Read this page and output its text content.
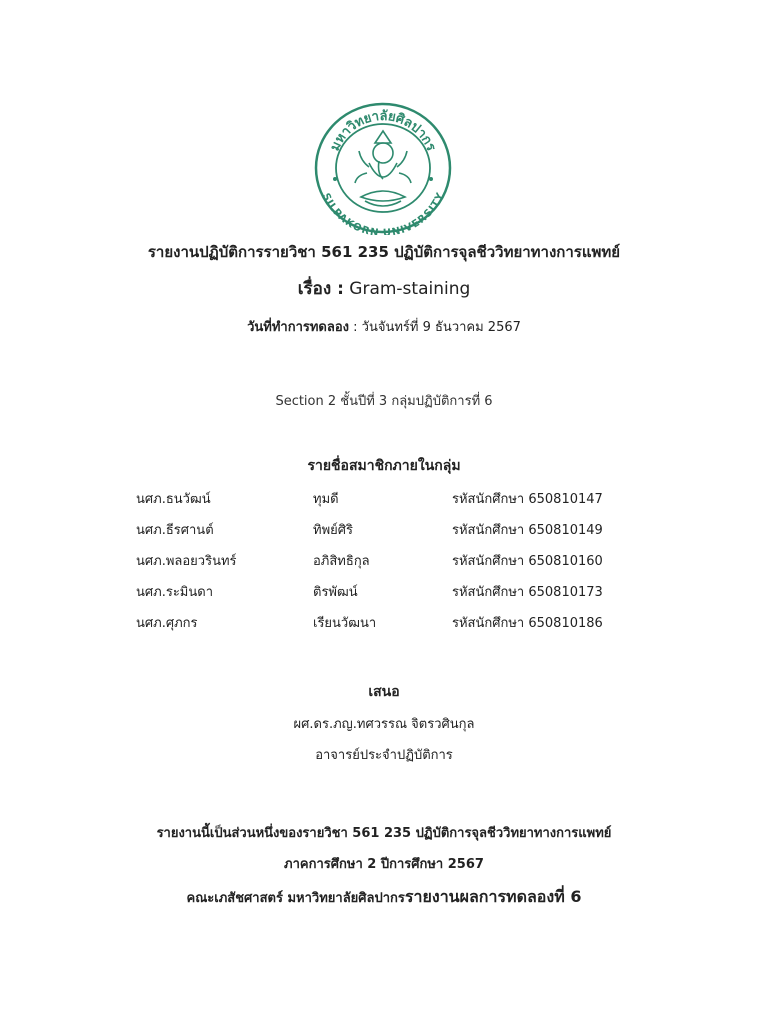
มหาวิทยาลัยศิลปากร
SILPAKORN UNIVERSITY
รายงานปฏิบัติการรายวิชา 561 235 ปฏิบัติการจุลชีววิทยาทางการแพทย์
เรื่อง : Gram-staining
วันที่ทำการทดลอง : วันจันทร์ที่ 9 ธันวาคม 2567
Section 2 ชั้นปีที่ 3 กลุ่มปฏิบัติการที่ 6
รายชื่อสมาชิกภายในกลุ่ม
นศภ.ธนวัฒน์	ทุมดี	รหัสนักศึกษา 650810147
นศภ.ธีรศานต์	ทิพย์ศิริ	รหัสนักศึกษา 650810149
นศภ.พลอยวรินทร์	อภิสิทธิกุล	รหัสนักศึกษา 650810160
นศภ.ระมินดา	ติรพัฒน์	รหัสนักศึกษา 650810173
นศภ.ศุภกร	เรียนวัฒนา	รหัสนักศึกษา 650810186
เสนอ
ผศ.ดร.ภญ.ทศวรรณ จิตรวศินกุล
อาจารย์ประจำปฏิบัติการ
รายงานนี้เป็นส่วนหนึ่งของรายวิชา 561 235 ปฏิบัติการจุลชีววิทยาทางการแพทย์
ภาคการศึกษา 2 ปีการศึกษา 2567
คณะเภสัชศาสตร์ มหาวิทยาลัยศิลปากรรายงานผลการทดลองที่ 6
